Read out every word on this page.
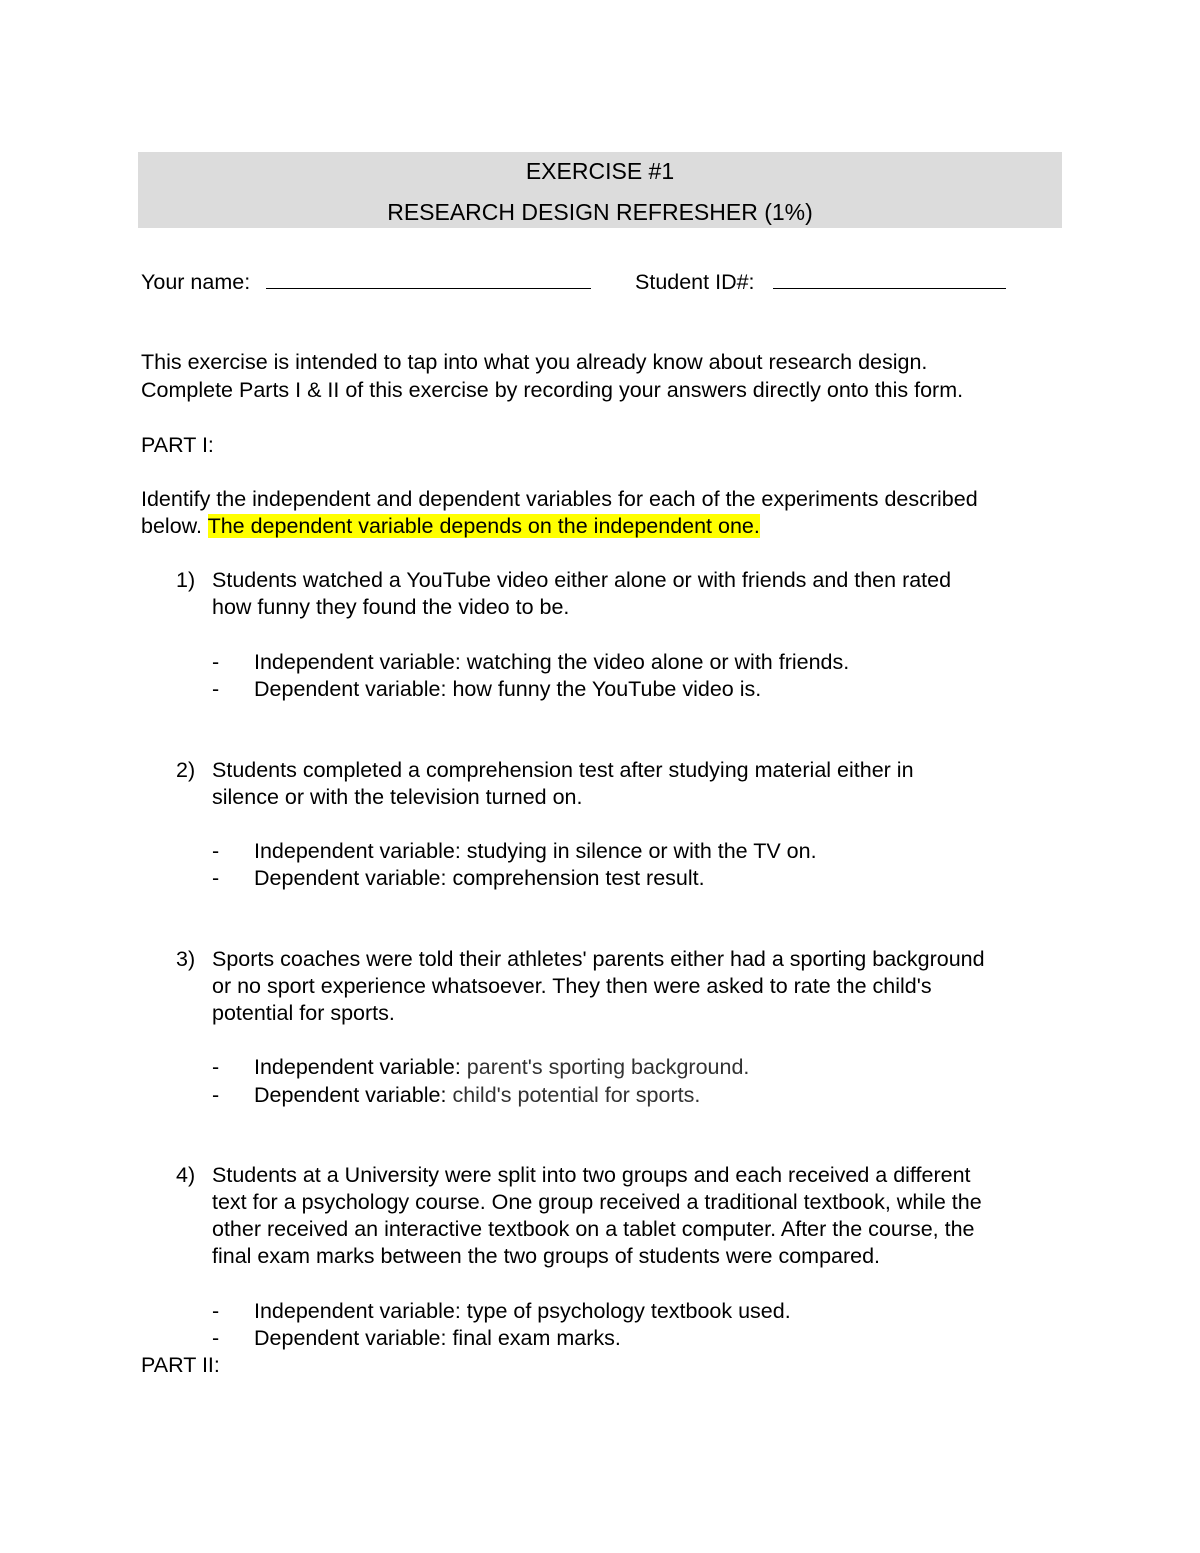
EXERCISE #1
RESEARCH DESIGN REFRESHER (1%)
Your name:	Student ID#:
This exercise is intended to tap into what you already know about research design.
Complete Parts I & II of this exercise by recording your answers directly onto this form.
PART I:
Identify the independent and dependent variables for each of the experiments described
below. The dependent variable depends on the independent one.
1) Students watched a YouTube video either alone or with friends and then rated
how funny they found the video to be.
- Independent variable: watching the video alone or with friends.
- Dependent variable: how funny the YouTube video is.
2) Students completed a comprehension test after studying material either in
silence or with the television turned on.
- Independent variable: studying in silence or with the TV on.
- Dependent variable: comprehension test result.
3) Sports coaches were told their athletes' parents either had a sporting background
or no sport experience whatsoever. They then were asked to rate the child's
potential for sports.
- Independent variable: parent's sporting background.
- Dependent variable: child's potential for sports.
4) Students at a University were split into two groups and each received a different
text for a psychology course. One group received a traditional textbook, while the
other received an interactive textbook on a tablet computer. After the course, the
final exam marks between the two groups of students were compared.
- Independent variable: type of psychology textbook used.
- Dependent variable: final exam marks.
PART II:
